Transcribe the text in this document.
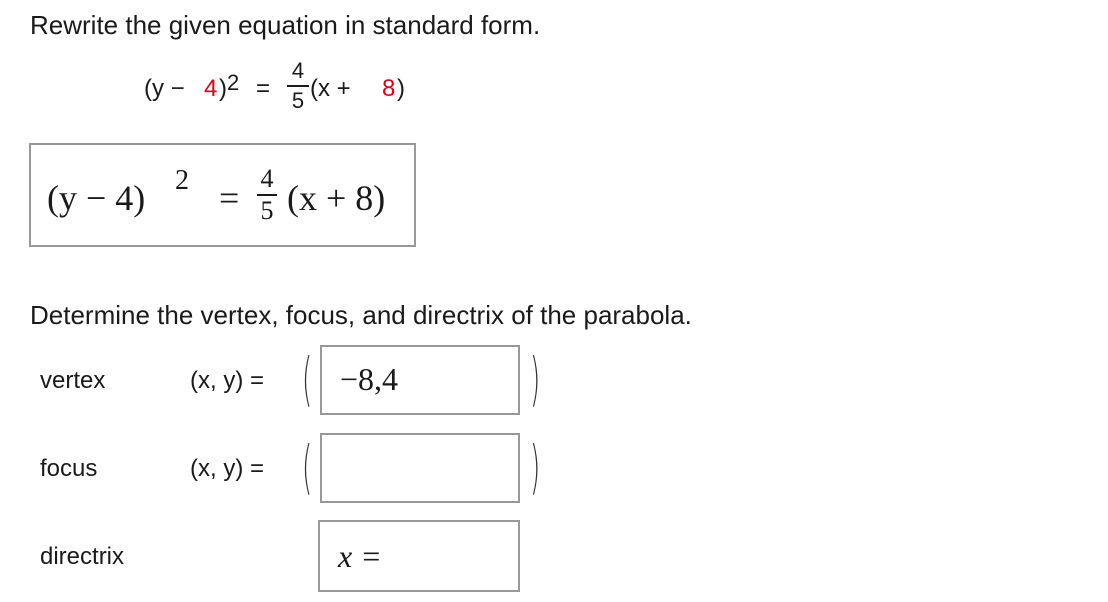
Rewrite the given equation in standard form.
(y − 4 ) 2 =
4
5 (x + 8 )
(y − 4) 2 = 4
5 (x + 8)
Determine the vertex, focus, and directrix of the parabola.
vertex	(x, y) = ( −8,4 )
focus	(x, y) = (	)
directrix	x =
